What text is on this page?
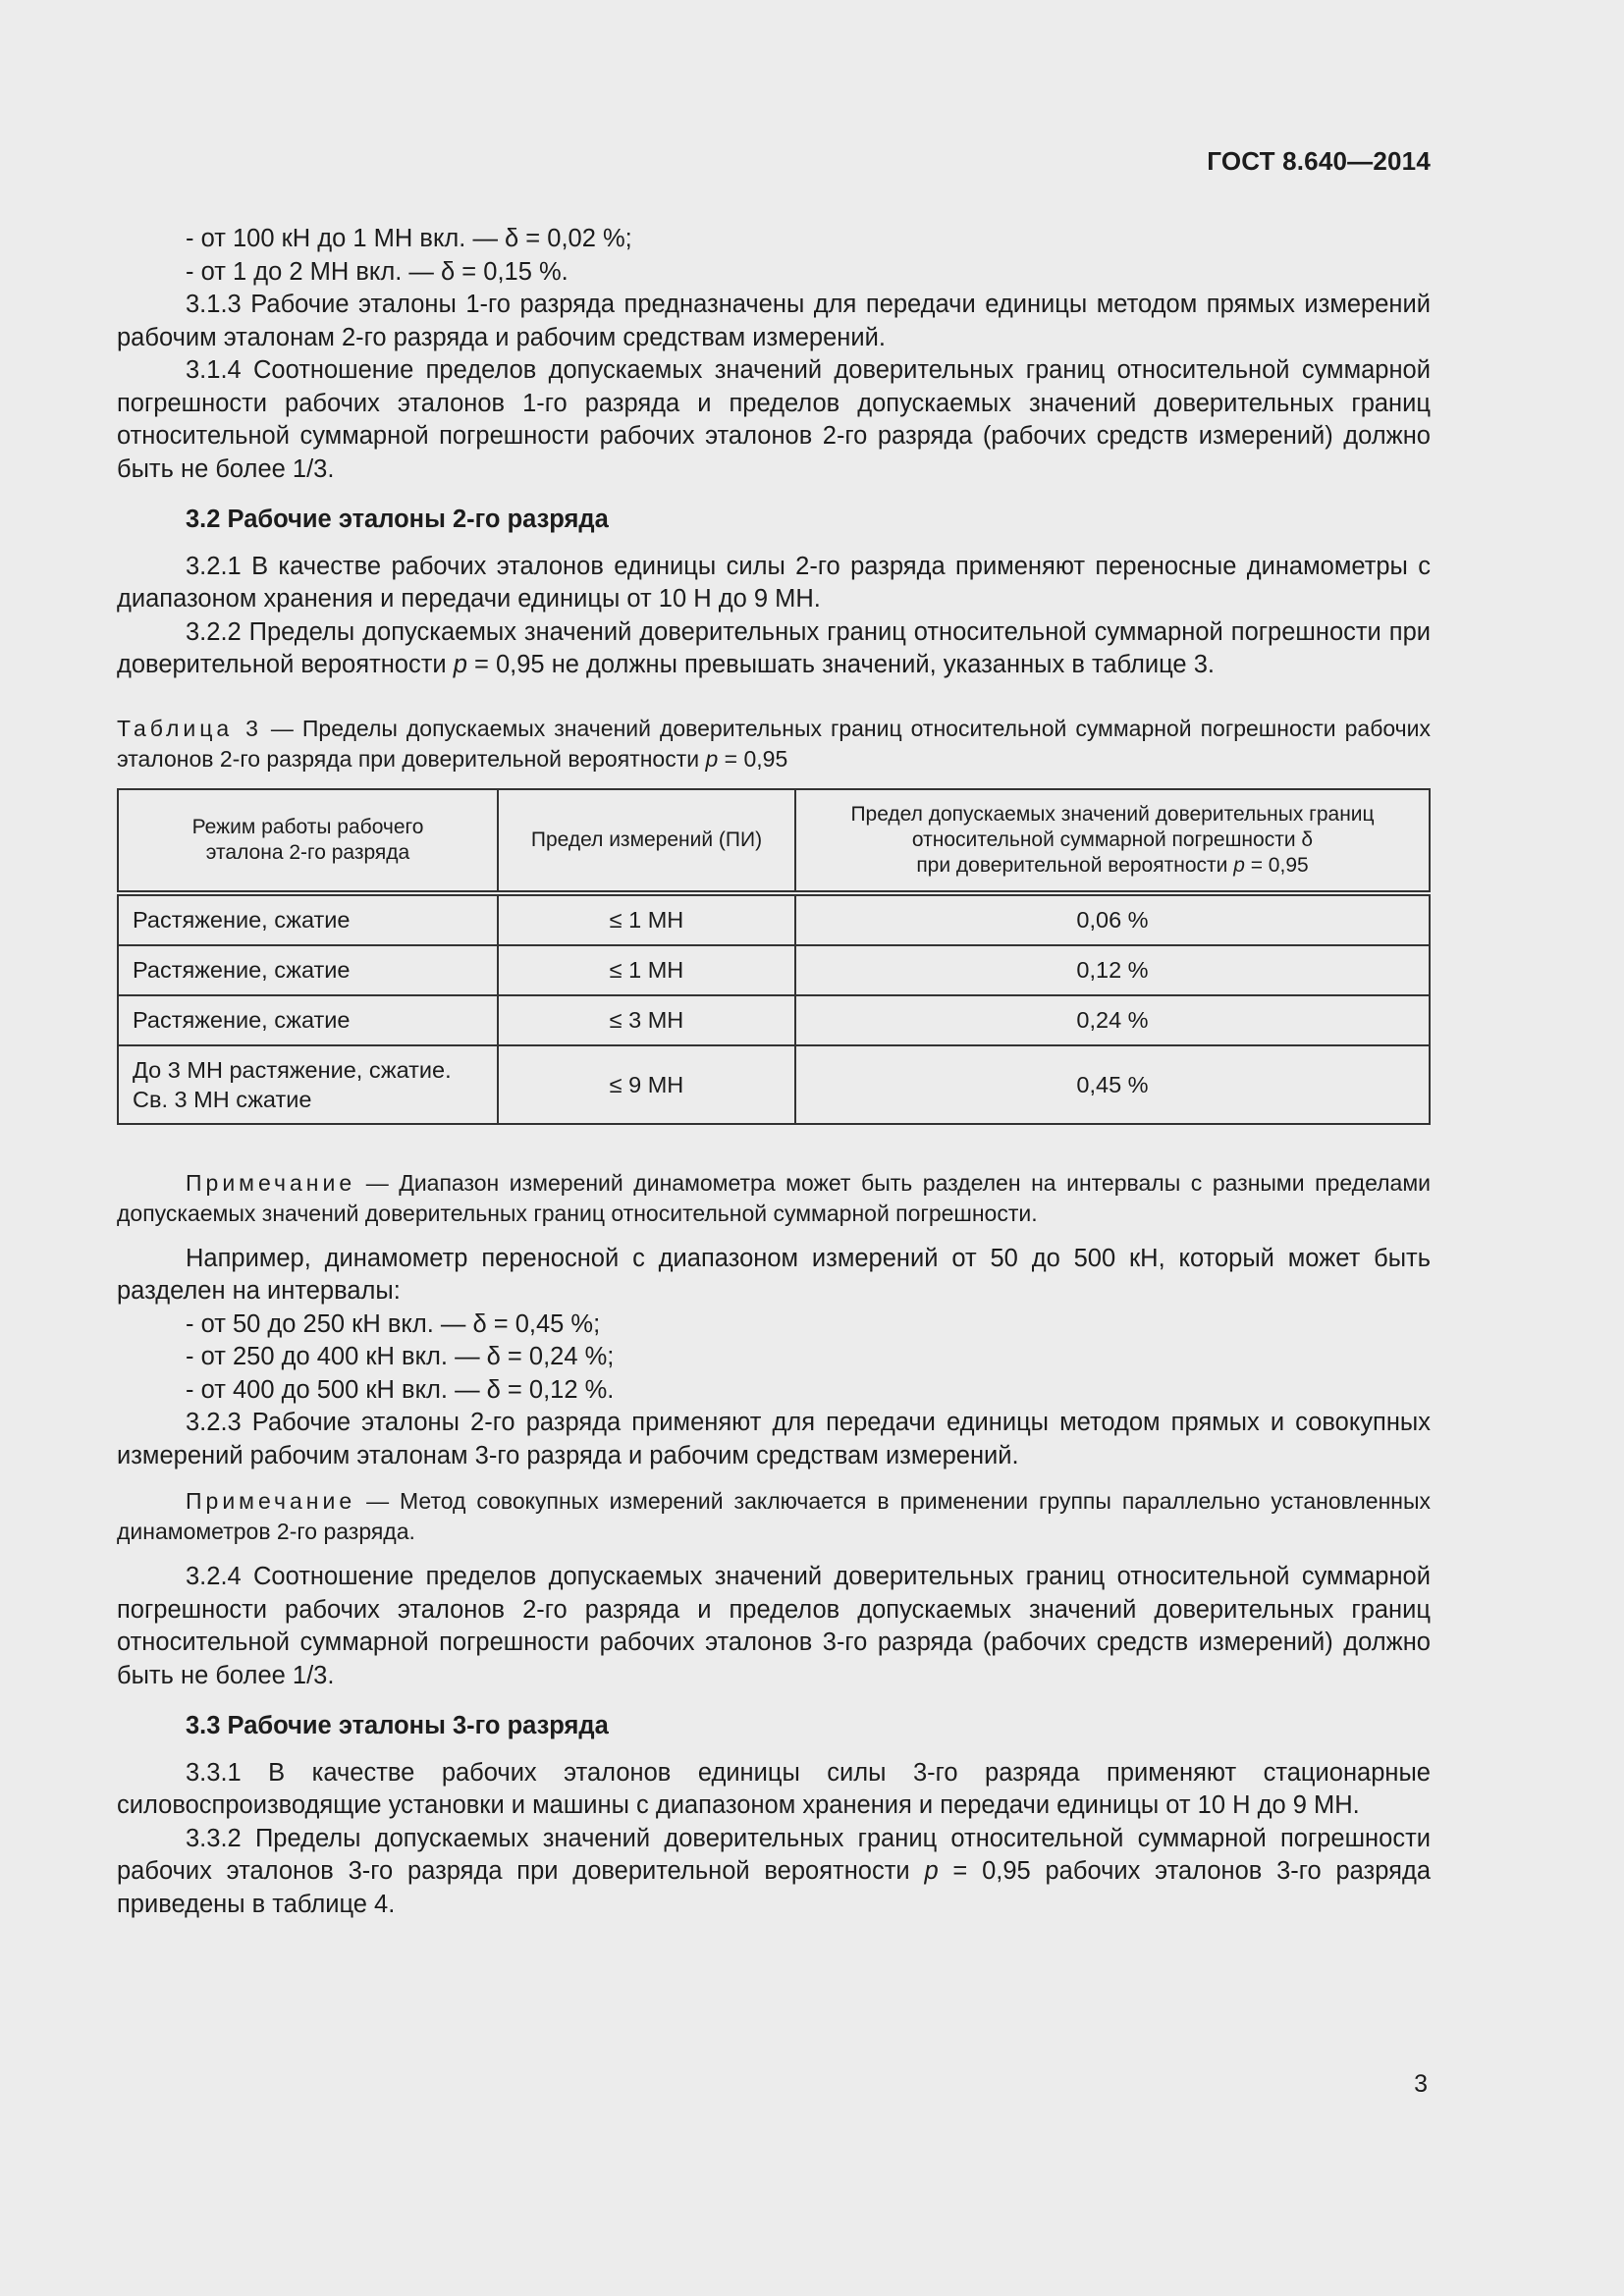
ГОСТ 8.640—2014

- от 100 кН до 1 МН вкл. — δ = 0,02 %;

- от 1 до 2 МН вкл. — δ = 0,15 %.

3.1.3 Рабочие эталоны 1-го разряда предназначены для передачи единицы методом прямых измерений рабочим эталонам 2-го разряда и рабочим средствам измерений.

3.1.4 Соотношение пределов допускаемых значений доверительных границ относительной суммарной погрешности рабочих эталонов 1-го разряда и пределов допускаемых значений доверительных границ относительной суммарной погрешности рабочих эталонов 2-го разряда (рабочих средств измерений) должно быть не более 1/3.

3.2 Рабочие эталоны 2-го разряда

3.2.1 В качестве рабочих эталонов единицы силы 2-го разряда применяют переносные динамометры с диапазоном хранения и передачи единицы от 10 Н до 9 МН.

3.2.2 Пределы допускаемых значений доверительных границ относительной суммарной погрешности при доверительной вероятности p = 0,95 не должны превышать значений, указанных в таблице 3.

Таблица 3 — Пределы допускаемых значений доверительных границ относительной суммарной погрешности рабочих эталонов 2-го разряда при доверительной вероятности p = 0,95

Режим работы рабочего
эталона 2-го разряда	Предел измерений (ПИ)	Предел допускаемых значений доверительных границ
относительной суммарной погрешности δ
при доверительной вероятности p = 0,95
Растяжение, сжатие	≤ 1 МН	0,06 %
Растяжение, сжатие	≤ 1 МН	0,12 %
Растяжение, сжатие	≤ 3 МН	0,24 %
До 3 МН растяжение, сжатие.
Св. 3 МН сжатие	≤ 9 МН	0,45 %

Примечание — Диапазон измерений динамометра может быть разделен на интервалы с разными пределами допускаемых значений доверительных границ относительной суммарной погрешности.

Например, динамометр переносной с диапазоном измерений от 50 до 500 кН, который может быть разделен на интервалы:

- от 50 до 250 кН вкл. — δ = 0,45 %;

- от 250 до 400 кН вкл. — δ = 0,24 %;

- от 400 до 500 кН вкл. — δ = 0,12 %.

3.2.3 Рабочие эталоны 2-го разряда применяют для передачи единицы методом прямых и совокупных измерений рабочим эталонам 3-го разряда и рабочим средствам измерений.

Примечание — Метод совокупных измерений заключается в применении группы параллельно установленных динамометров 2-го разряда.

3.2.4 Соотношение пределов допускаемых значений доверительных границ относительной суммарной погрешности рабочих эталонов 2-го разряда и пределов допускаемых значений доверительных границ относительной суммарной погрешности рабочих эталонов 3-го разряда (рабочих средств измерений) должно быть не более 1/3.

3.3 Рабочие эталоны 3-го разряда

3.3.1 В качестве рабочих эталонов единицы силы 3-го разряда применяют стационарные силовоспроизводящие установки и машины с диапазоном хранения и передачи единицы от 10 Н до 9 МН.

3.3.2 Пределы допускаемых значений доверительных границ относительной суммарной погрешности рабочих эталонов 3-го разряда при доверительной вероятности p = 0,95 рабочих эталонов 3-го разряда приведены в таблице 4.

3
